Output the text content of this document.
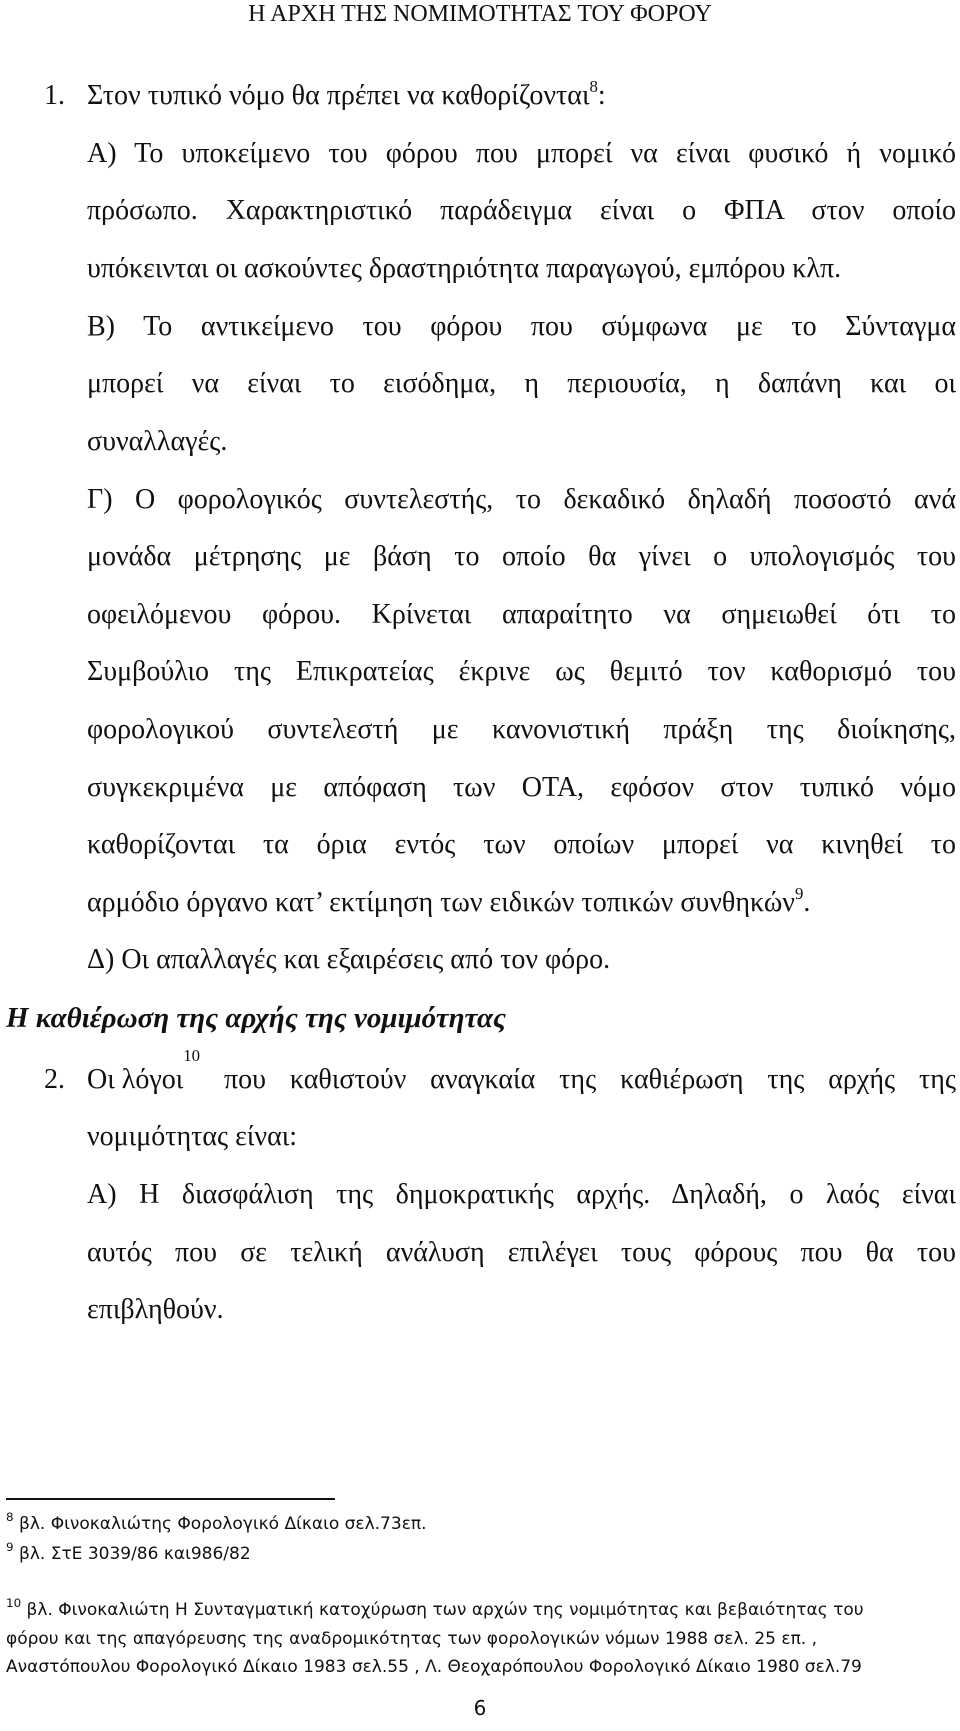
Η ΑΡΧΗ ΤΗΣ ΝΟΜΙΜΟΤΗΤΑΣ ΤΟΥ ΦΟΡΟΥ
1. Στον τυπικό νόμο θα πρέπει να καθορίζονται$^8$:
Α) Το υποκείμενο του φόρου που μπορεί να είναι φυσικό ή νομικό
πρόσωπο. Χαρακτηριστικό παράδειγμα είναι ο ΦΠΑ στον οποίο
υπόκεινται οι ασκούντες δραστηριότητα παραγωγού, εμπόρου κλπ.
Β) Το αντικείμενο του φόρου που σύμφωνα με το Σύνταγμα
μπορεί να είναι το εισόδημα, η περιουσία, η δαπάνη και οι
συναλλαγές.
Γ) Ο φορολογικός συντελεστής, το δεκαδικό δηλαδή ποσοστό ανά
μονάδα μέτρησης με βάση το οποίο θα γίνει ο υπολογισμός του
οφειλόμενου φόρου. Κρίνεται απαραίτητο να σημειωθεί ότι το
Συμβούλιο της Επικρατείας έκρινε ως θεμιτό τον καθορισμό του
φορολογικού συντελεστή με κανονιστική πράξη της διοίκησης,
συγκεκριμένα με απόφαση των ΟΤΑ, εφόσον στον τυπικό νόμο
καθορίζονται τα όρια εντός των οποίων μπορεί να κινηθεί το
αρμόδιο όργανο κατ’ εκτίμηση των ειδικών τοπικών συνθηκών$^9$.
Δ) Οι απαλλαγές και εξαιρέσεις από τον φόρο.
Η καθιέρωση της αρχής της νομιμότητας
2. Οι λόγοι
$^{10}$
που καθιστούν αναγκαία της καθιέρωση της αρχής της
νομιμότητας είναι:
Α) Η διασφάλιση της δημοκρατικής αρχής. Δηλαδή, ο λαός είναι
αυτός που σε τελική ανάλυση επιλέγει τους φόρους που θα του
επιβληθούν.
$^8$ βλ. Φινοκαλιώτης Φορολογικό Δίκαιο σελ.73επ.
$^9$ βλ. ΣτΕ 3039/86 και986/82
$^{10}$ βλ. Φινοκαλιώτη Η Συνταγματική κατοχύρωση των αρχών της νομιμότητας και βεβαιότητας του
φόρου και της απαγόρευσης της αναδρομικότητας των φορολογικών νόμων 1988 σελ. 25 επ. ,
Αναστόπουλου Φορολογικό Δίκαιο 1983 σελ.55 , Λ. Θεοχαρόπουλου Φορολογικό Δίκαιο 1980 σελ.79
6
